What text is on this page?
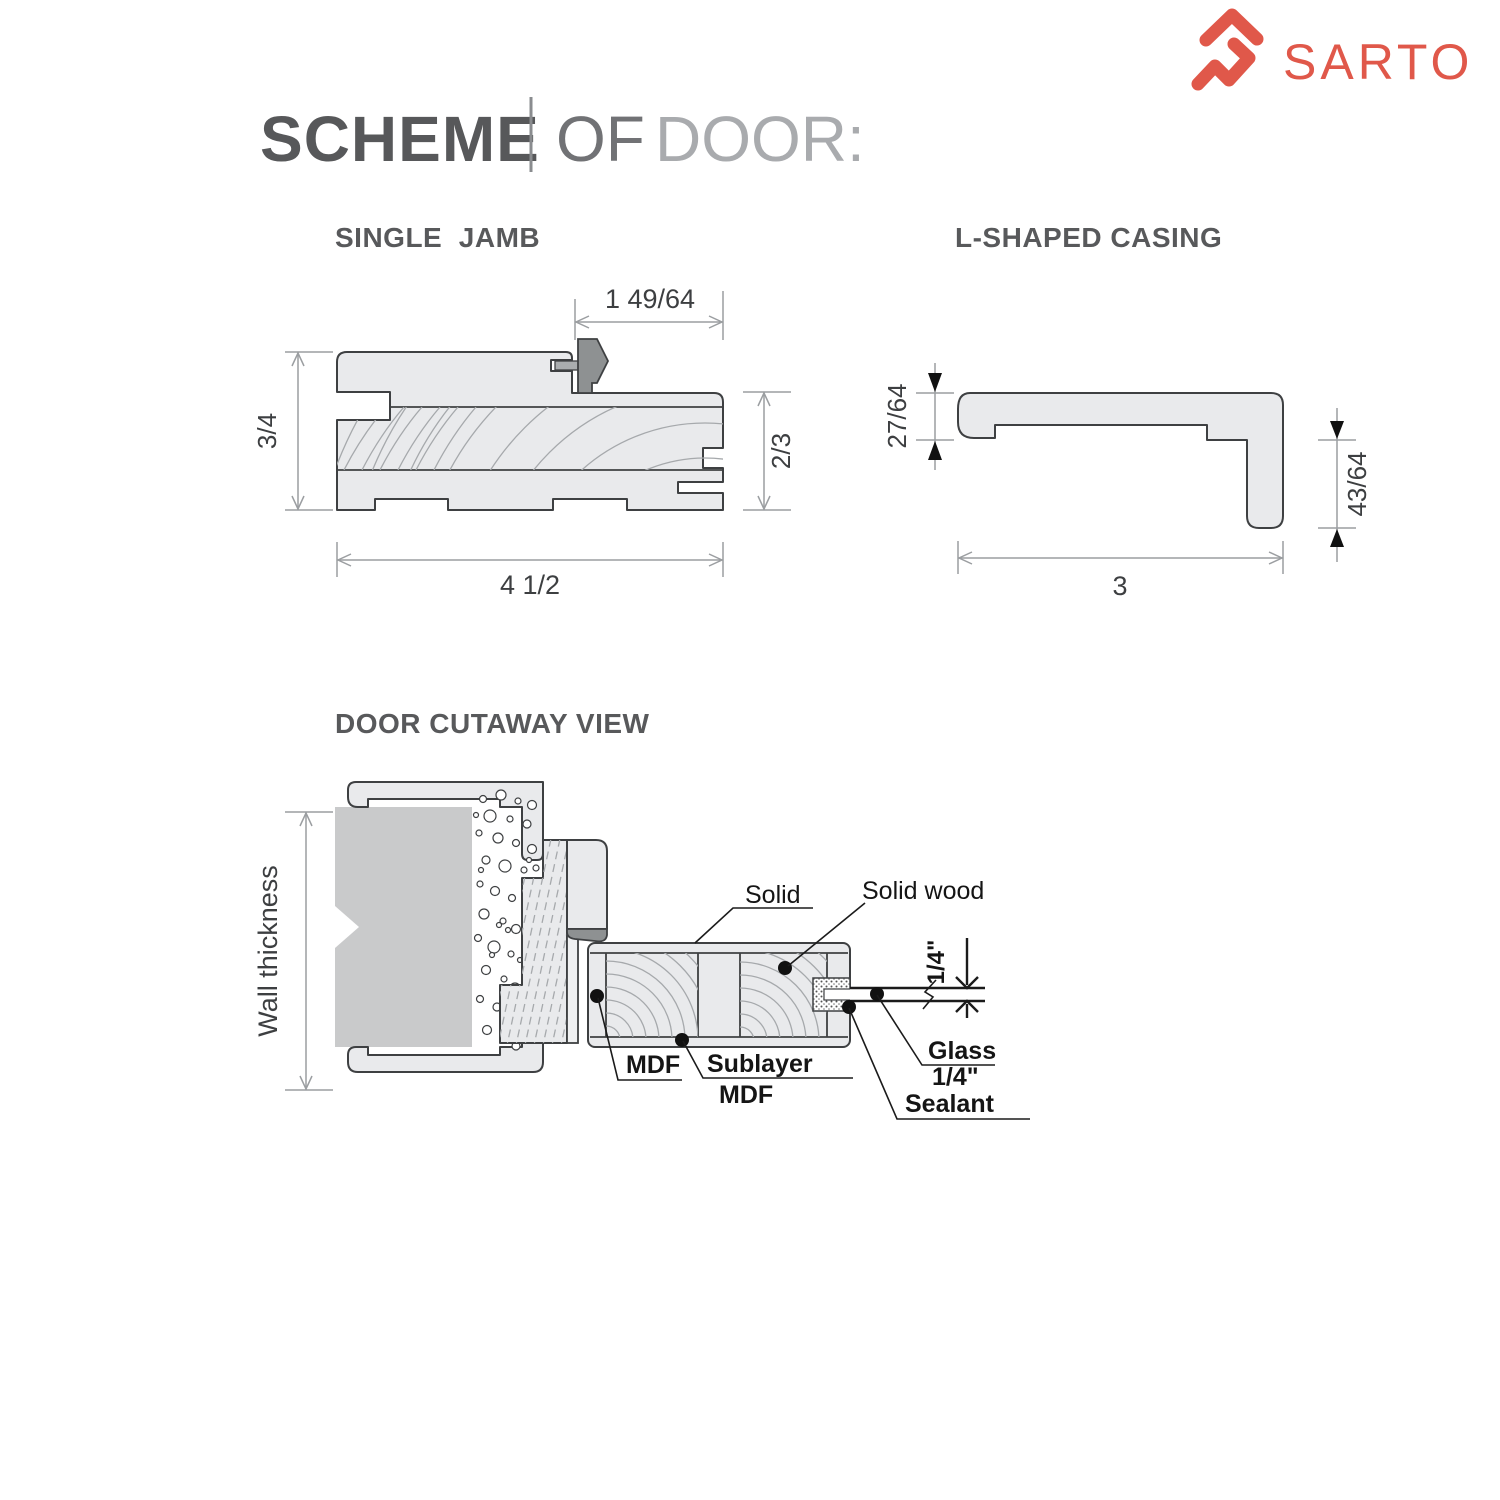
SCHEME OF DOOR:
SARTO
SINGLE  JAMB
1 49/64
3/4
2/3
4 1/2
L-SHAPED CASING
27/64
43/64
3
DOOR CUTAWAY VIEW
1/4"
Wall thickness	Solid Solid wood
MDF Sublayer
MDF
Glass
1/4"
Sealant
